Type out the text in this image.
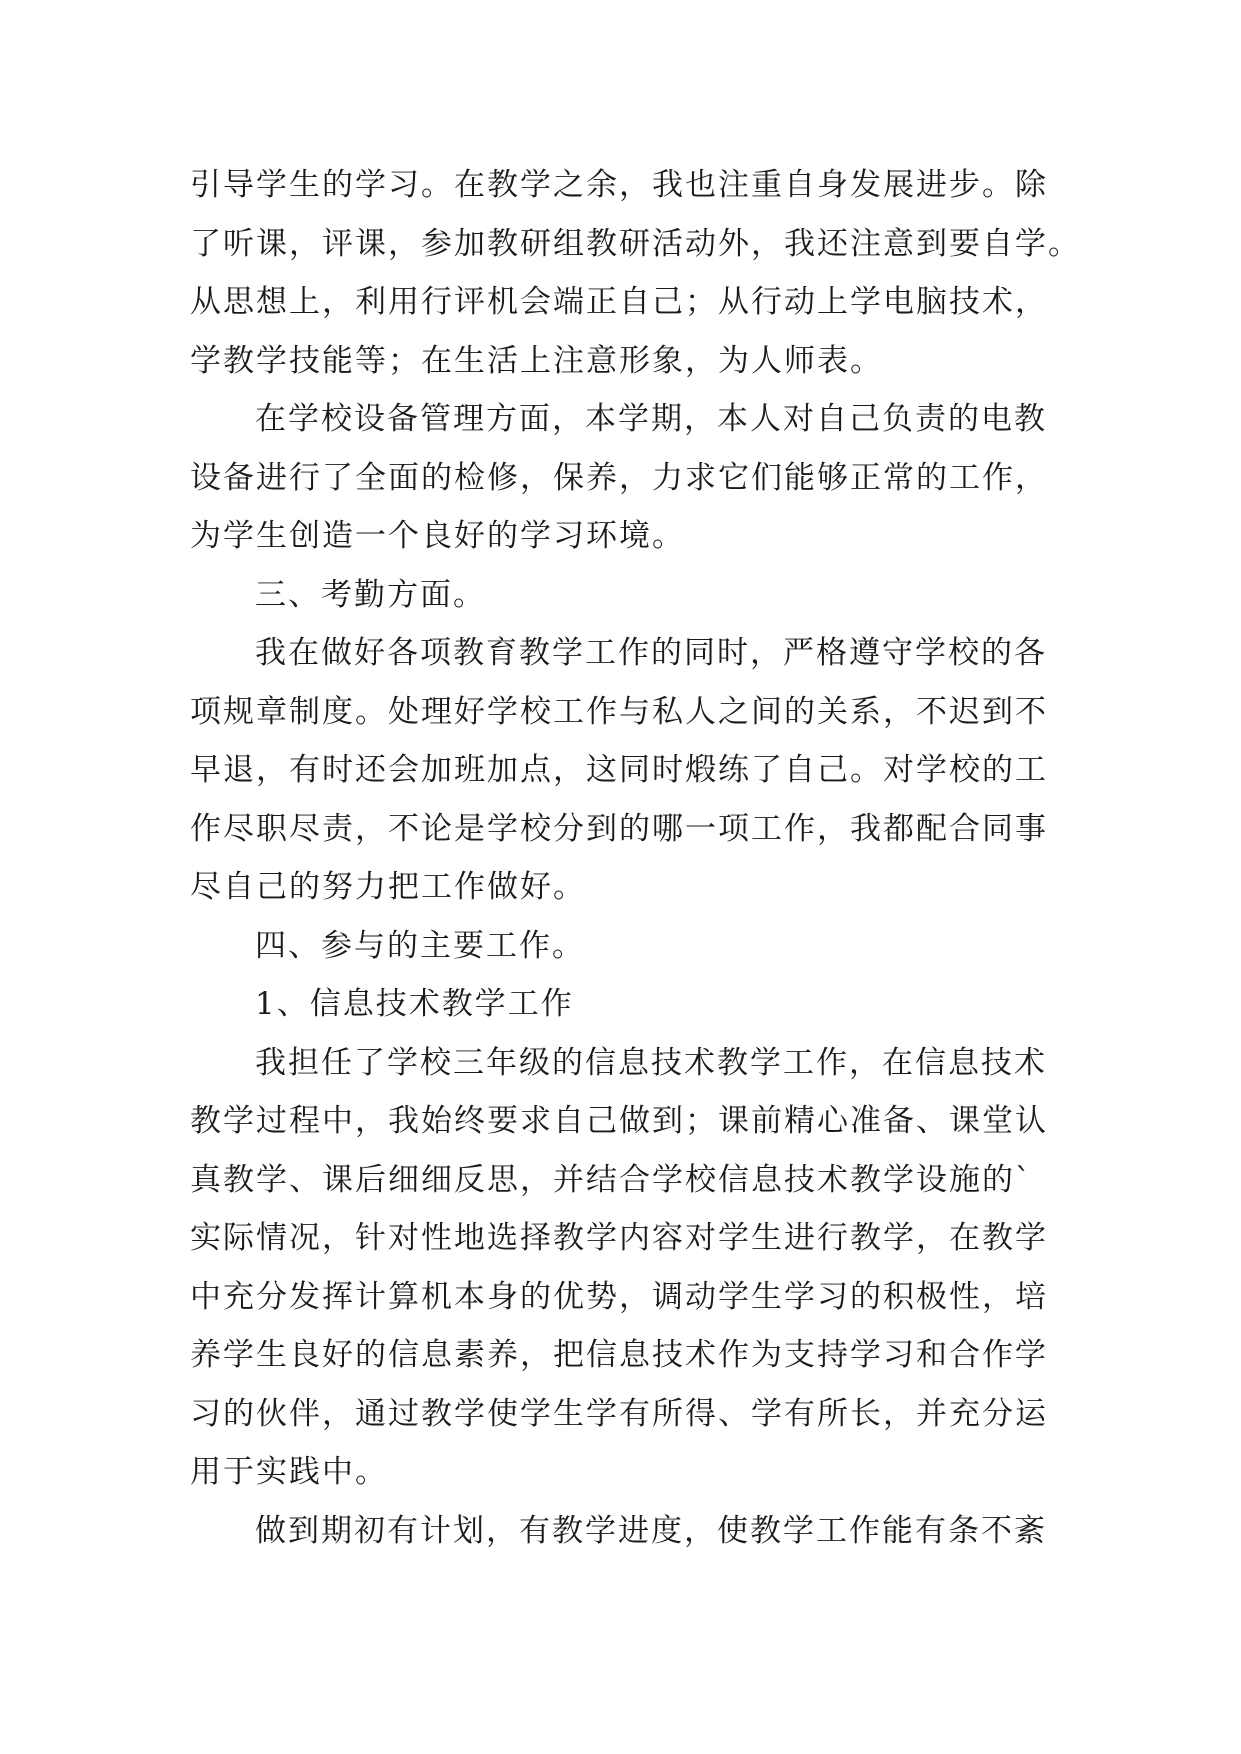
引导学生的学习。在教学之余，我也注重自身发展进步。除
了听课，评课，参加教研组教研活动外，我还注意到要自学。
从思想上，利用行评机会端正自己；从行动上学电脑技术，
学教学技能等；在生活上注意形象，为人师表。
在学校设备管理方面，本学期，本人对自己负责的电教
设备进行了全面的检修，保养，力求它们能够正常的工作，
为学生创造一个良好的学习环境。
三、考勤方面。
我在做好各项教育教学工作的同时，严格遵守学校的各
项规章制度。处理好学校工作与私人之间的关系，不迟到不
早退，有时还会加班加点，这同时煅练了自己。对学校的工
作尽职尽责，不论是学校分到的哪一项工作，我都配合同事
尽自己的努力把工作做好。
四、参与的主要工作。
1、信息技术教学工作
我担任了学校三年级的信息技术教学工作，在信息技术
教学过程中，我始终要求自己做到；课前精心准备、课堂认
真教学、课后细细反思，并结合学校信息技术教学设施的`
实际情况，针对性地选择教学内容对学生进行教学，在教学
中充分发挥计算机本身的优势，调动学生学习的积极性，培
养学生良好的信息素养，把信息技术作为支持学习和合作学
习的伙伴，通过教学使学生学有所得、学有所长，并充分运
用于实践中。
做到期初有计划，有教学进度，使教学工作能有条不紊
